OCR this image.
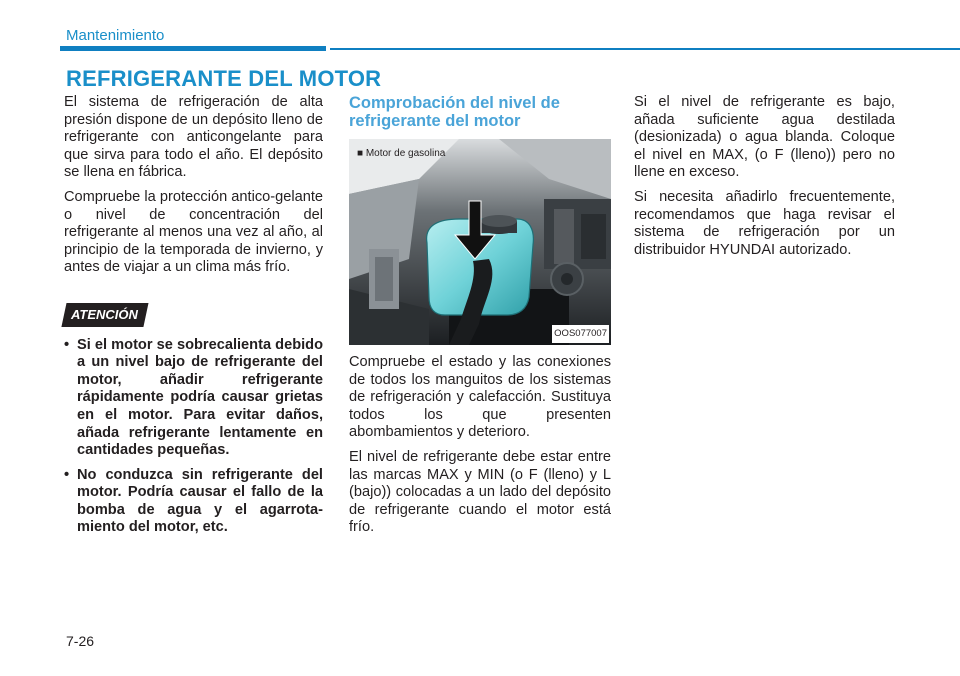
Mantenimiento
REFRIGERANTE DEL MOTOR

El sistema de refrigeración de alta presión dispone de un depósito lleno de refrigerante con anticongelante para que sirva para todo el año. El depósito se llena en fábrica.

Compruebe la protección antico-gelante o nivel de concentración del refrigerante al menos una vez al año, al principio de la temporada de invierno, y antes de viajar a un clima más frío.

ATENCIÓN
• Si el motor se sobrecalienta debido a un nivel bajo de refrigerante del motor, añadir refrigerante rápidamente podría causar grietas en el motor. Para evitar daños, añada refrigerante lentamente en cantidades pequeñas.
• No conduzca sin refrigerante del motor. Podría causar el fallo de la bomba de agua y el agarrota-miento del motor, etc.
Comprobación del nivel de refrigerante del motor
■ Motor de gasolina
OOS077007

Compruebe el estado y las conexiones de todos los manguitos de los sistemas de refrigeración y calefacción. Sustituya todos los que presenten abombamientos y deterioro.

El nivel de refrigerante debe estar entre las marcas MAX y MIN (o F (lleno) y L (bajo)) colocadas a un lado del depósito de refrigerante cuando el motor está frío.

Si el nivel de refrigerante es bajo, añada suficiente agua destilada (desionizada) o agua blanda. Coloque el nivel en MAX, (o F (lleno)) pero no llene en exceso.

Si necesita añadirlo frecuentemente, recomendamos que haga revisar el sistema de refrigeración por un distribuidor HYUNDAI autorizado.

7-26
